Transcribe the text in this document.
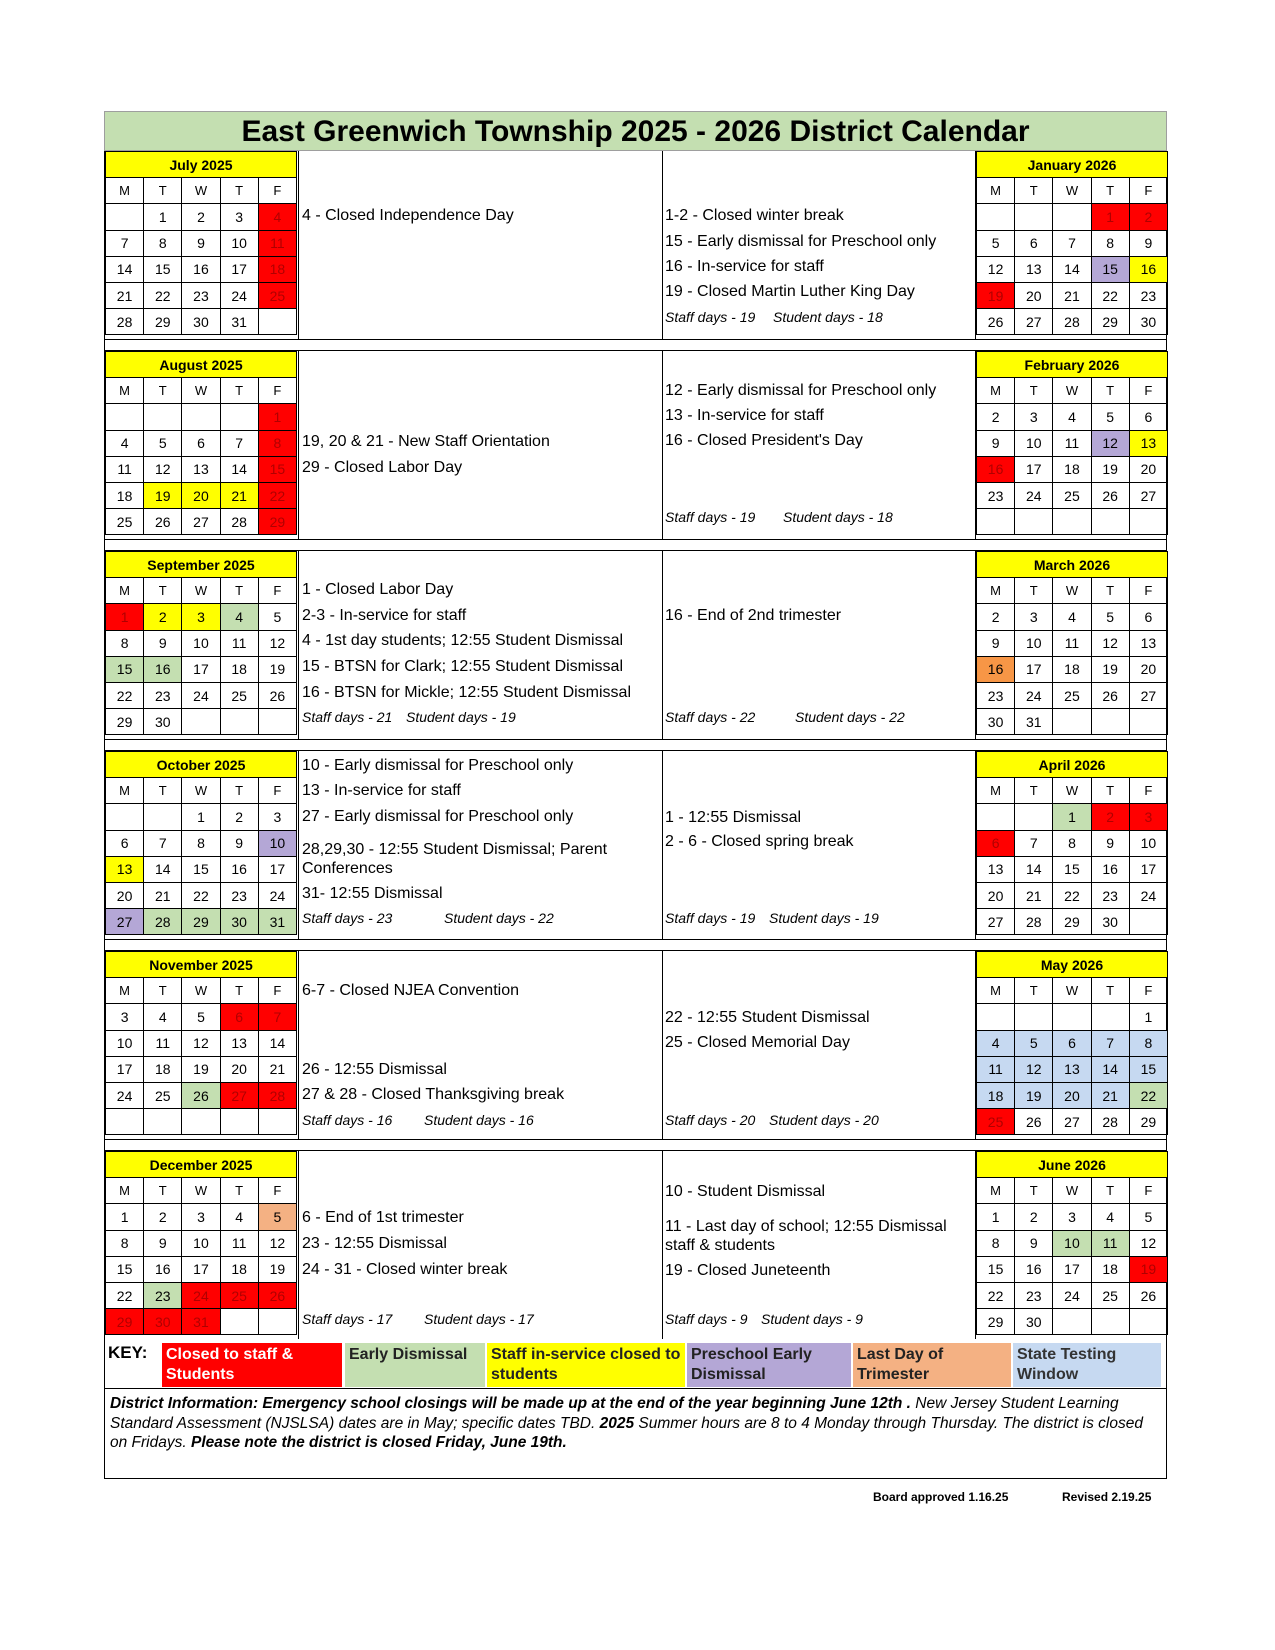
East Greenwich Township 2025 - 2026 District Calendar
July 2025				
M	T	W	T	F
	1	2	3	4
7	8	9	10	11
14	15	16	17	18
21	22	23	24	25
28	29	30	31	
4 - Closed Independence Day	1-2 - Closed winter break
15 - Early dismissal for Preschool only
16 - In-service for staff
19 - Closed Martin Luther King Day
Staff days - 19 Student days - 18
January 2026				
M	T	W	T	F
			1	2
5	6	7	8	9
12	13	14	15	16
19	20	21	22	23
26	27	28	29	30
August 2025				
M	T	W	T	F
				1
4	5	6	7	8
11	12	13	14	15
18	19	20	21	22
25	26	27	28	29
19, 20 & 21 - New Staff Orientation
29 - Closed Labor Day
12 - Early dismissal for Preschool only
13 - In-service for staff
16 - Closed President's Day
Staff days - 19 Student days - 18
February 2026				
M	T	W	T	F
2	3	4	5	6
9	10	11	12	13
16	17	18	19	20
23	24	25	26	27

September 2025				
M	T	W	T	F
1	2	3	4	5
8	9	10	11	12
15	16	17	18	19
22	23	24	25	26
29	30			
1 - Closed Labor Day
2-3 - In-service for staff
4 - 1st day students; 12:55 Student Dismissal
15 - BTSN for Clark; 12:55 Student Dismissal
16 - BTSN for Mickle; 12:55 Student Dismissal
Staff days - 21 Student days - 19
16 - End of 2nd trimester
Staff days - 22	Student days - 22
March 2026				
M	T	W	T	F
2	3	4	5	6
9	10	11	12	13
16	17	18	19	20
23	24	25	26	27
30	31			
October 2025				
M	T	W	T	F
		1	2	3
6	7	8	9	10
13	14	15	16	17
20	21	22	23	24
27	28	29	30	31
10 - Early dismissal for Preschool only
13 - In-service for staff
27 - Early dismissal for Preschool only
28,29,30 - 12:55 Student Dismissal; Parent Conferences
31- 12:55 Dismissal
Staff days - 23	Student days - 22
1 - 12:55 Dismissal
2 - 6 - Closed spring break
Staff days - 19 Student days - 19
April 2026				
M	T	W	T	F
		1	2	3
6	7	8	9	10
13	14	15	16	17
20	21	22	23	24
27	28	29	30	
November 2025				
M	T	W	T	F
3	4	5	6	7
10	11	12	13	14
17	18	19	20	21
24	25	26	27	28

6-7 - Closed NJEA Convention
26 - 12:55 Dismissal
27 & 28 - Closed Thanksgiving break
Staff days - 16 Student days - 16
22 - 12:55 Student Dismissal
25 - Closed Memorial Day
Staff days - 20 Student days - 20
May 2026				
M	T	W	T	F
				1
4	5	6	7	8
11	12	13	14	15
18	19	20	21	22
25	26	27	28	29
December 2025				
M	T	W	T	F
1	2	3	4	5
8	9	10	11	12
15	16	17	18	19
22	23	24	25	26
29	30	31		
6 - End of 1st trimester
23 - 12:55 Dismissal
24 - 31 - Closed winter break
Staff days - 17 Student days - 17
10 - Student Dismissal
11 - Last day of school; 12:55 Dismissal staff & students
19 - Closed Juneteenth
Staff days - 9 Student days - 9
June 2026				
M	T	W	T	F
1	2	3	4	5
8	9	10	11	12
15	16	17	18	19
22	23	24	25	26
29	30			
KEY: Closed to staff & Students
Early Dismissal	Staff in-service closed to students
Preschool Early Dismissal
Last Day of Trimester
State Testing Window
District Information: Emergency school closings will be made up at the end of the year beginning June 12th . New Jersey Student Learning Standard Assessment (NJSLSA) dates are in May; specific dates TBD. 2025 Summer hours are 8 to 4 Monday through Thursday. The district is closed on Fridays. Please note the district is closed Friday, June 19th.
Board approved 1.16.25	Revised 2.19.25
